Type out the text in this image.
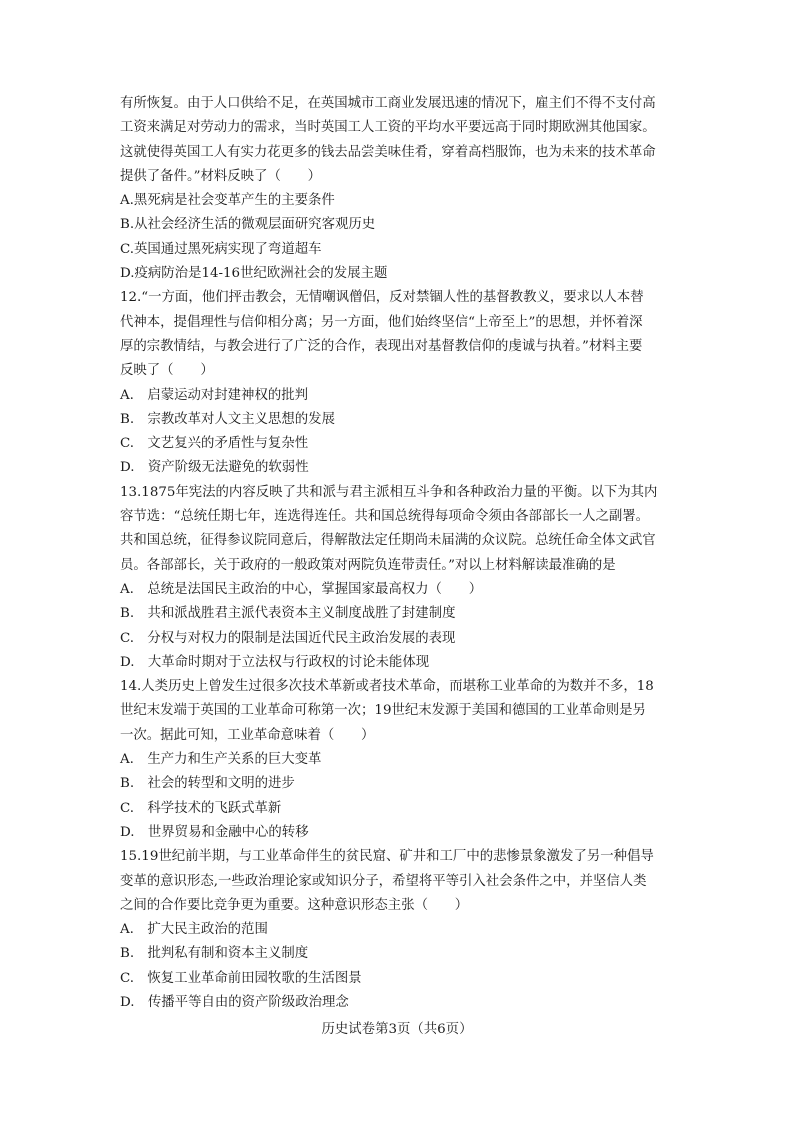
有所恢复。由于人口供给不足，在英国城市工商业发展迅速的情况下，雇主们不得不支付高
工资来满足对劳动力的需求，当时英国工人工资的平均水平要远高于同时期欧洲其他国家。
这就使得英国工人有实力花更多的钱去品尝美味佳肴，穿着高档服饰，也为未来的技术革命
提供了备件。”材料反映了（　　）
A.黑死病是社会变革产生的主要条件
B.从社会经济生活的微观层面研究客观历史
C.英国通过黑死病实现了弯道超车
D.疫病防治是14-16世纪欧洲社会的发展主题
12.“一方面，他们抨击教会，无情嘲讽僧侣，反对禁锢人性的基督教教义，要求以人本替
代神本，提倡理性与信仰相分离；另一方面，他们始终坚信“上帝至上”的思想，并怀着深
厚的宗教情结，与教会进行了广泛的合作，表现出对基督教信仰的虔诚与执着。”材料主要
反映了（　　）
A.　启蒙运动对封建神权的批判
B.　宗教改革对人文主义思想的发展
C.　文艺复兴的矛盾性与复杂性
D.　资产阶级无法避免的软弱性
13.1875年宪法的内容反映了共和派与君主派相互斗争和各种政治力量的平衡。以下为其内
容节选：“总统任期七年，连选得连任。共和国总统得每项命令须由各部部长一人之副署。
共和国总统，征得参议院同意后，得解散法定任期尚未届满的众议院。总统任命全体文武官
员。各部部长，关于政府的一般政策对两院负连带责任。”对以上材料解读最准确的是
A.　总统是法国民主政治的中心，掌握国家最高权力（　　）
B.　共和派战胜君主派代表资本主义制度战胜了封建制度
C.　分权与对权力的限制是法国近代民主政治发展的表现
D.　大革命时期对于立法权与行政权的讨论未能体现
14.人类历史上曾发生过很多次技术革新或者技术革命，而堪称工业革命的为数并不多，18
世纪末发端于英国的工业革命可称第一次；19世纪末发源于美国和德国的工业革命则是另
一次。据此可知，工业革命意味着（　　）
A.　生产力和生产关系的巨大变革
B.　社会的转型和文明的进步
C.　科学技术的飞跃式革新
D.　世界贸易和金融中心的转移
15.19世纪前半期，与工业革命伴生的贫民窟、矿井和工厂中的悲惨景象激发了另一种倡导
变革的意识形态,一些政治理论家或知识分子，希望将平等引入社会条件之中，并坚信人类
之间的合作要比竞争更为重要。这种意识形态主张（　　）
A.　扩大民主政治的范围
B.　批判私有制和资本主义制度
C.　恢复工业革命前田园牧歌的生活图景
D.　传播平等自由的资产阶级政治理念
历史试卷第3页（共6页）
